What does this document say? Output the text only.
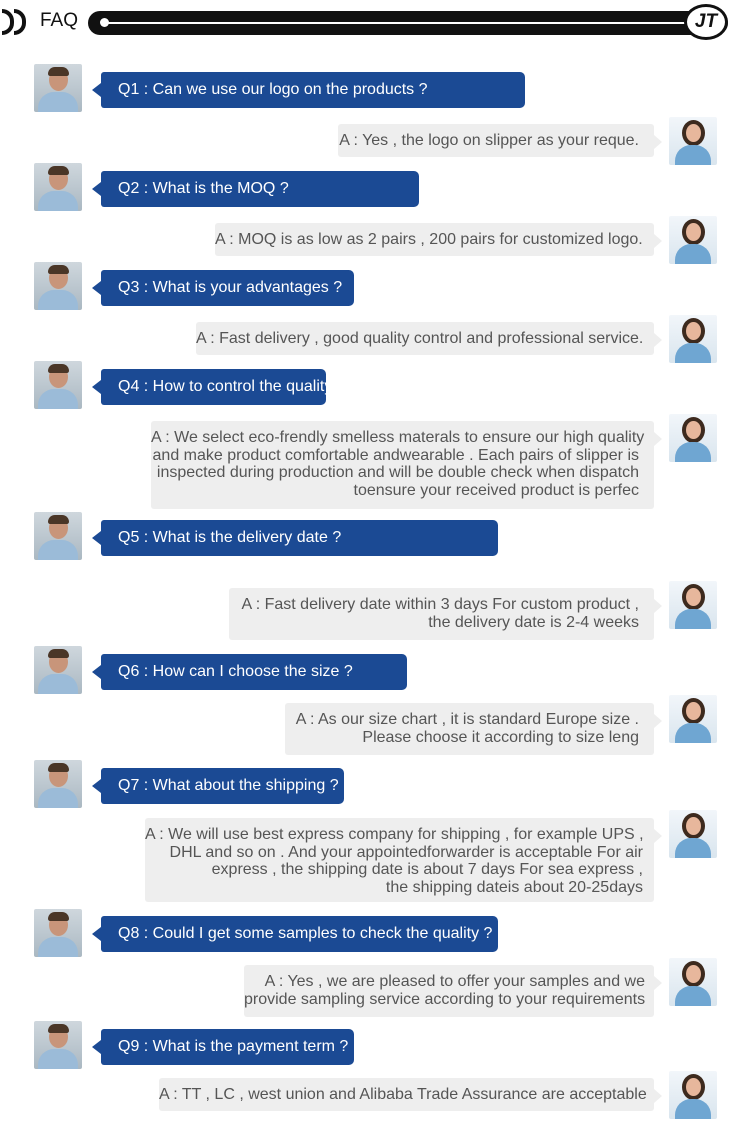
FAQ	JT
Q1 : Can we use our logo on the products ?
A : Yes , the logo on slipper as your reque.
Q2 : What is the MOQ ?
A : MOQ is as low as 2 pairs , 200 pairs for customized logo.
Q3 : What is your advantages ?
A : Fast delivery , good quality control and professional service.
Q4 : How to control the quality
A : We select eco-frendly smelless materals to ensure our high quality
and make product comfortable andwearable . Each pairs of slipper is
inspected during production and will be double check when dispatch
toensure your received product is perfec
Q5 : What is the delivery date ?
A : Fast delivery date within 3 days For custom product ,
the delivery date is 2-4 weeks
Q6 : How can I choose the size ?
A : As our size chart , it is standard Europe size .
Please choose it according to size leng
Q7 : What about the shipping ?
A : We will use best express company for shipping , for example UPS ,
DHL and so on . And your appointedforwarder is acceptable For air
express , the shipping date is about 7 days For sea express ,
the shipping dateis about 20-25days
Q8 : Could I get some samples to check the quality ?
A : Yes , we are pleased to offer your samples and we
provide sampling service according to your requirements
Q9 : What is the payment term ?
A : TT , LC , west union and Alibaba Trade Assurance are acceptable
